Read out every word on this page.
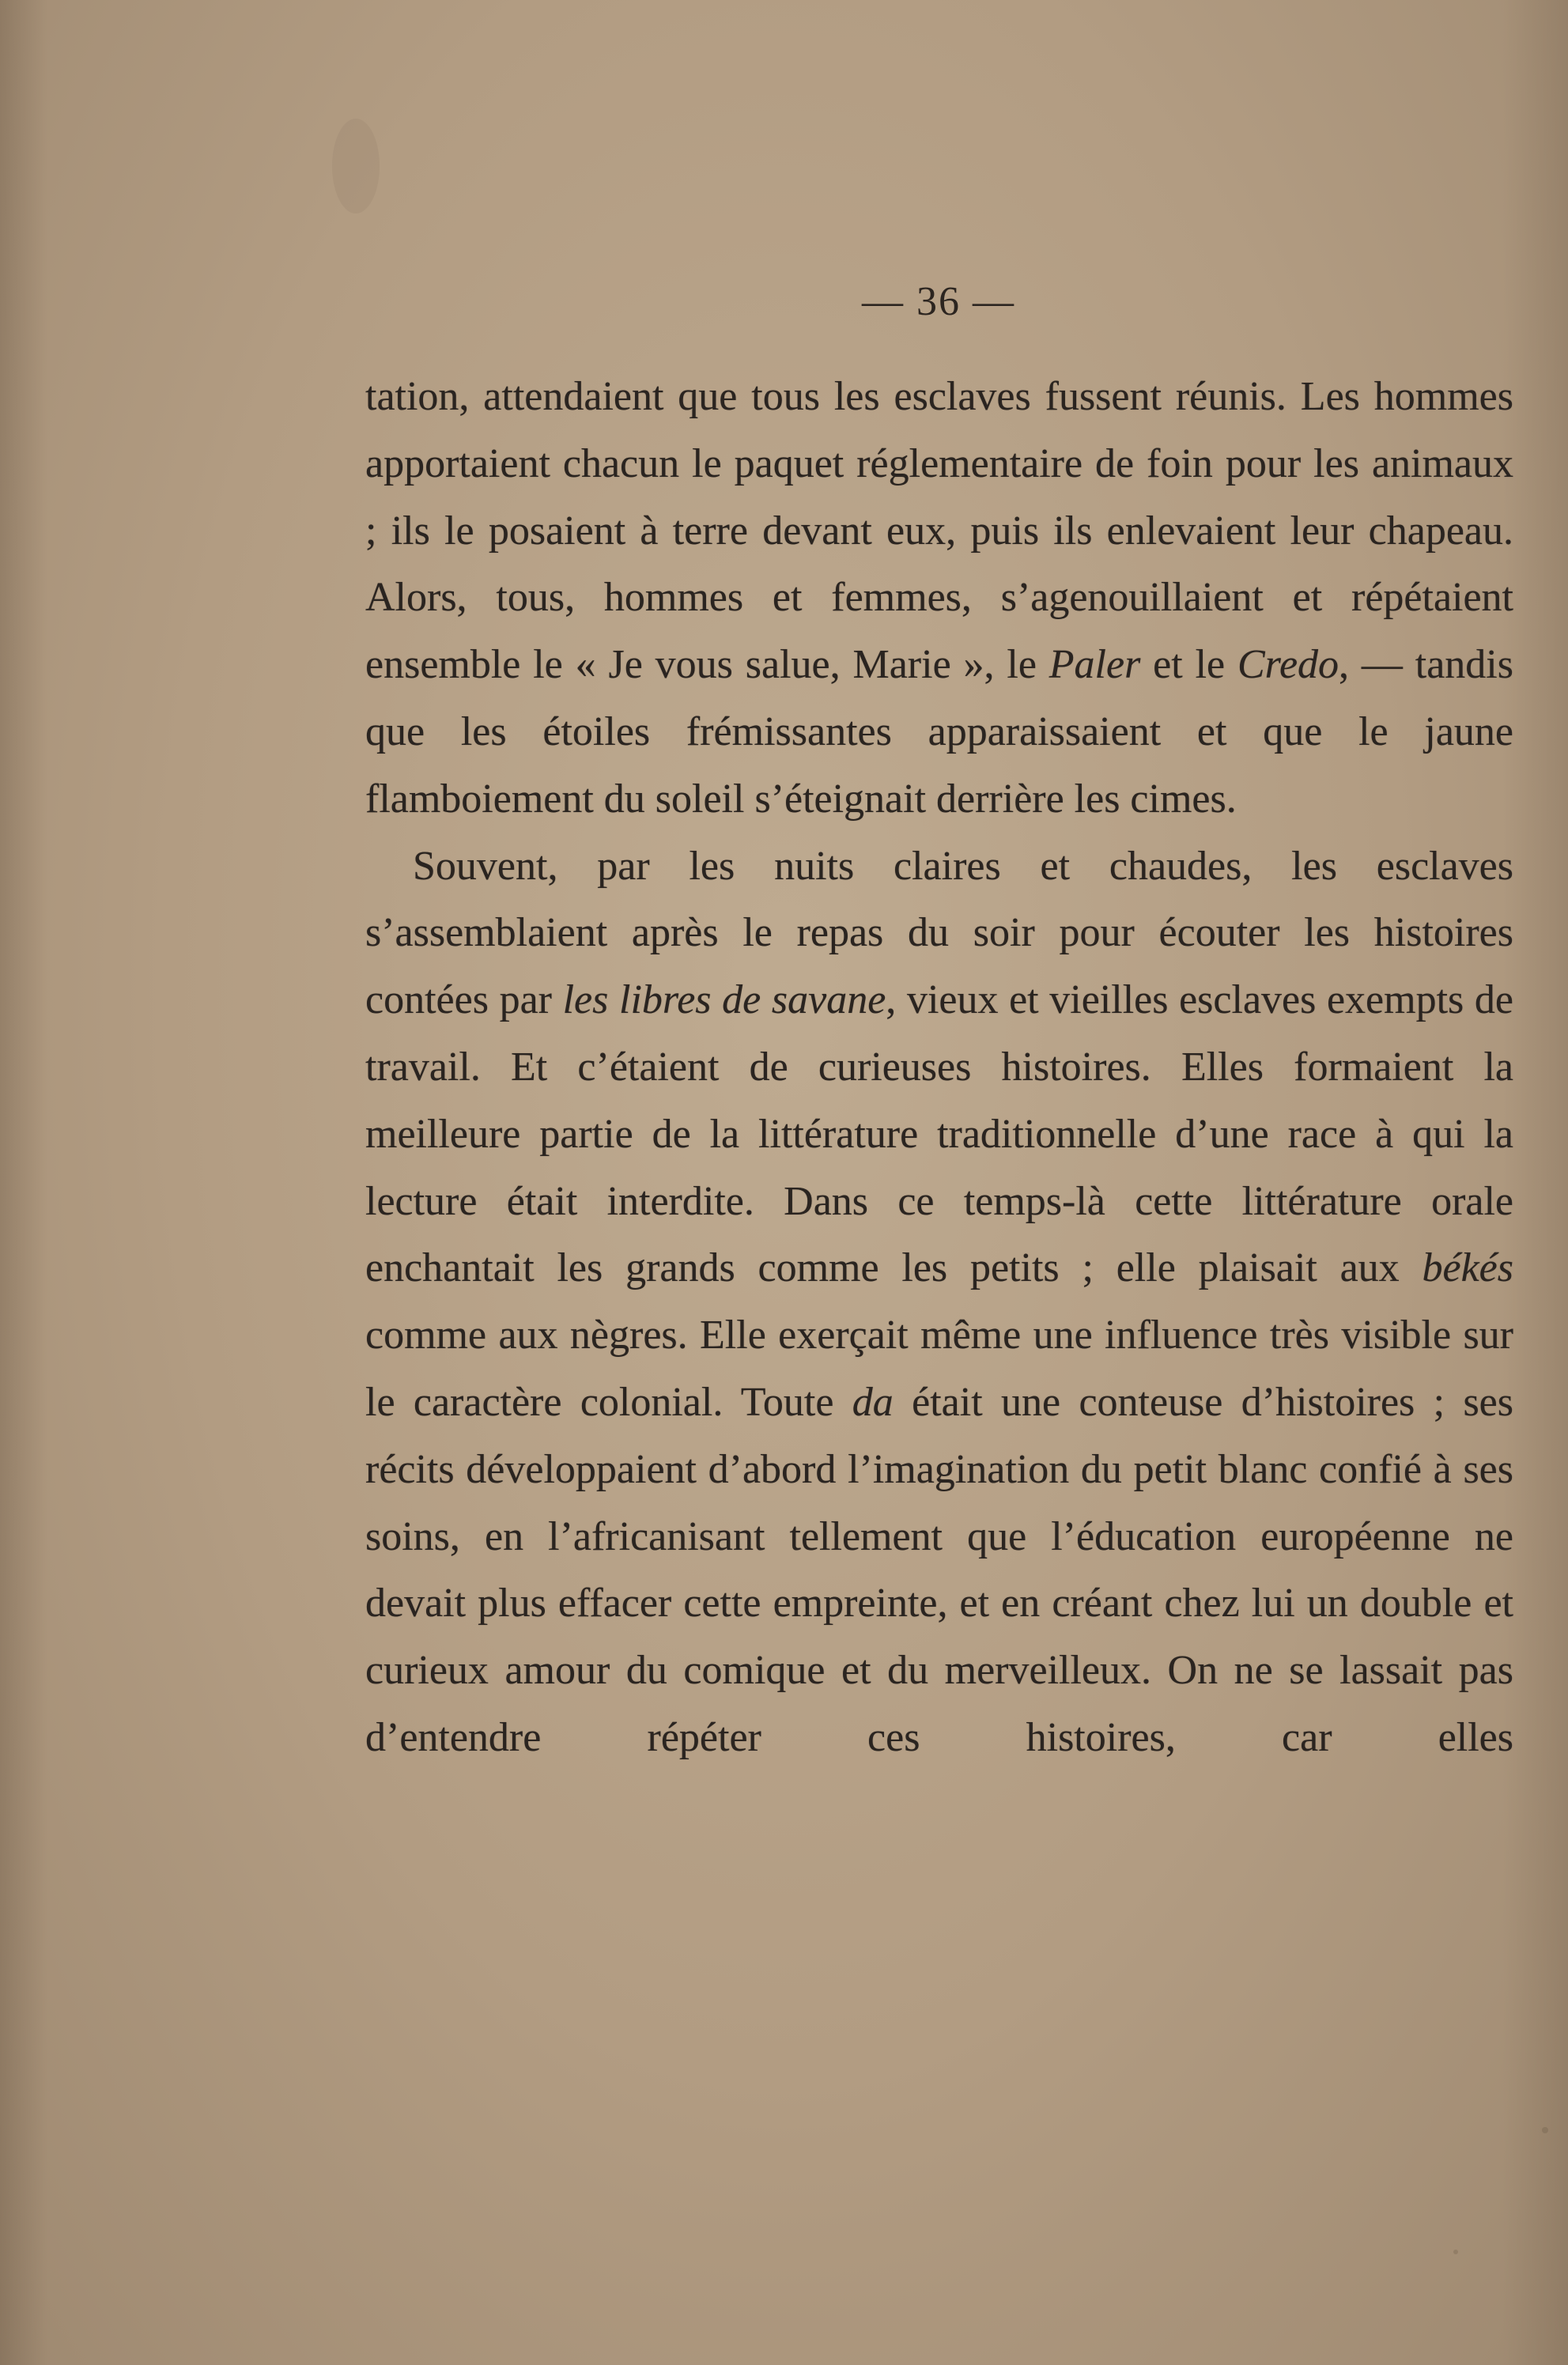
— 36 —

tation, attendaient que tous les esclaves fussent réunis. Les hommes apportaient chacun le paquet réglementaire de foin pour les animaux ; ils le posaient à terre devant eux, puis ils enlevaient leur chapeau. Alors, tous, hommes et femmes, s’agenouillaient et répétaient ensemble le « Je vous salue, Marie », le Paler et le Credo, — tandis que les étoiles frémissantes apparaissaient et que le jaune flamboiement du soleil s’éteignait derrière les cimes.

Souvent, par les nuits claires et chaudes, les esclaves s’assemblaient après le repas du soir pour écouter les histoires contées par les libres de savane, vieux et vieilles esclaves exempts de travail. Et c’étaient de curieuses histoires. Elles formaient la meilleure partie de la littérature traditionnelle d’une race à qui la lecture était interdite. Dans ce temps-là cette littérature orale enchantait les grands comme les petits ; elle plaisait aux békés comme aux nègres. Elle exerçait même une influence très visible sur le caractère colonial. Toute da était une conteuse d’histoires ; ses récits développaient d’abord l’imagination du petit blanc confié à ses soins, en l’africanisant tellement que l’éducation européenne ne devait plus effacer cette empreinte, et en créant chez lui un double et curieux amour du comique et du merveilleux. On ne se lassait pas d’entendre répéter ces histoires, car elles
